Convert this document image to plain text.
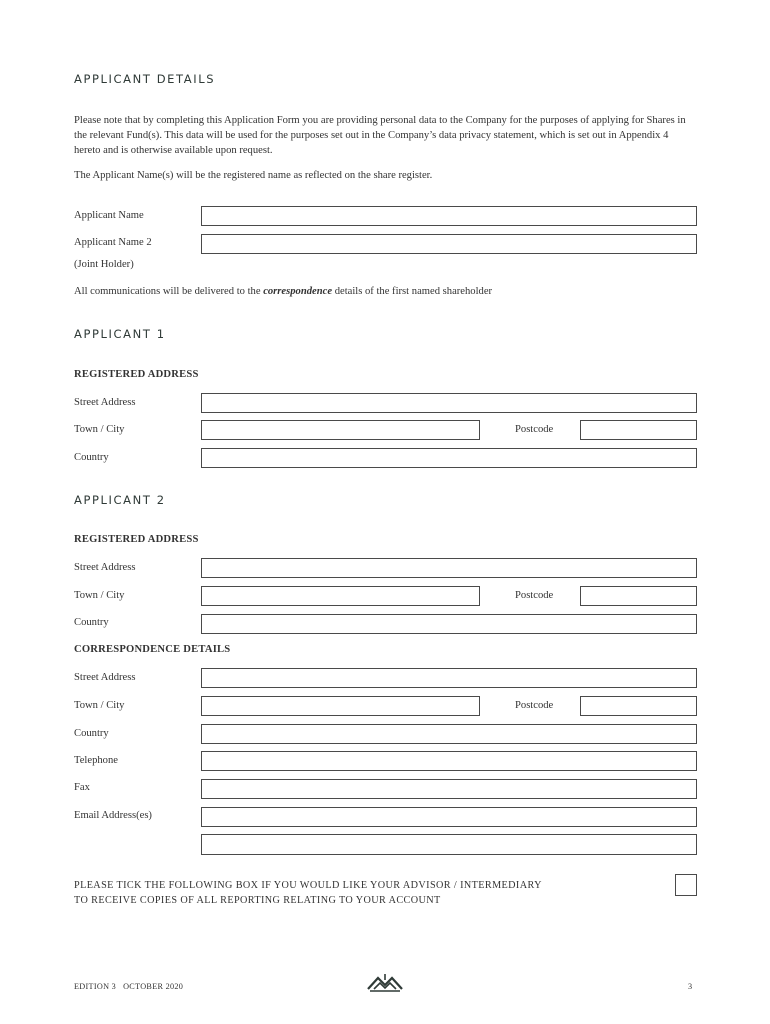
APPLICANT DETAILS
Please note that by completing this Application Form you are providing personal data to the Company for the purposes of applying for Shares in the relevant Fund(s). This data will be used for the purposes set out in the Company’s data privacy statement, which is set out in Appendix 4 hereto and is otherwise available upon request.
The Applicant Name(s) will be the registered name as reflected on the share register.
Applicant Name
Applicant Name 2
(Joint Holder)
All communications will be delivered to the correspondence details of the first named shareholder
APPLICANT 1
REGISTERED ADDRESS
Street Address
Town / City	Postcode
Country
APPLICANT 2
REGISTERED ADDRESS
Street Address
Town / City	Postcode
Country
CORRESPONDENCE DETAILS
Street Address
Town / City	Postcode
Country
Telephone
Fax
Email Address(es)
PLEASE TICK THE FOLLOWING BOX IF YOU WOULD LIKE YOUR ADVISOR / INTERMEDIARY
TO RECEIVE COPIES OF ALL REPORTING RELATING TO YOUR ACCOUNT
EDITION 3 OCTOBER 2020	3
